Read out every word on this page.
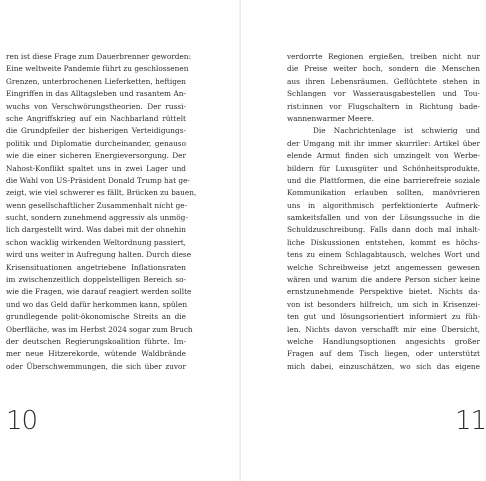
ren ist diese Frage zum Dauerbrenner geworden:
Eine weltweite Pandemie führt zu geschlossenen
Grenzen, unterbrochenen Lieferketten, heftigen
Eingriffen in das Alltagsleben und rasantem An-
wuchs von Verschwörungstheorien. Der russi-
sche Angriffskrieg auf ein Nachbarland rüttelt
die Grundpfeiler der bisherigen Verteidigungs-
politik und Diplomatie durcheinander, genauso
wie die einer sicheren Energieversorgung. Der
Nahost-Konflikt spaltet uns in zwei Lager und
die Wahl von US-Präsident Donald Trump hat ge-
zeigt, wie viel schwerer es fällt, Brücken zu bauen,
wenn gesellschaftlicher Zusammenhalt nicht ge-
sucht, sondern zunehmend aggressiv als unmög-
lich dargestellt wird. Was dabei mit der ohnehin
schon wacklig wirkenden Weltordnung passiert,
wird uns weiter in Aufregung halten. Durch diese
Krisensituationen angetriebene Inflationsraten
im zwischenzeitlich doppelstelligen Bereich so-
wie die Fragen, wie darauf reagiert werden sollte
und wo das Geld dafür herkommen kann, spülen
grundlegende polit-ökonomische Streits an die
Oberfläche, was im Herbst 2024 sogar zum Bruch
der deutschen Regierungskoalition führte. Im-
mer neue Hitzerekorde, wütende Waldbrände
oder Überschwemmungen, die sich über zuvor
10
verdorrte Regionen ergießen, treiben nicht nur
die Preise weiter hoch, sondern die Menschen
aus ihren Lebensräumen. Geflüchtete stehen in
Schlangen vor Wasserausgabestellen und Tou-
rist:innen vor Flugschaltern in Richtung bade-
wannenwarmer Meere.
Die Nachrichtenlage ist schwierig und
der Umgang mit ihr immer skurriler: Artikel über
elende Armut finden sich umzingelt von Werbe-
bildern für Luxusgüter und Schönheitsprodukte,
und die Plattformen, die eine barrierefreie soziale
Kommunikation erlauben sollten, manövrieren
uns in algorithmisch perfektionierte Aufmerk-
samkeitsfallen und von der Lösungssuche in die
Schuldzuschreibung. Falls dann doch mal inhalt-
liche Diskussionen entstehen, kommt es höchs-
tens zu einem Schlagabtausch, welches Wort und
welche Schreibweise jetzt angemessen gewesen
wären und warum die andere Person sicher keine
ernstzunehmende Perspektive bietet. Nichts da-
von ist besonders hilfreich, um sich in Krisenzei-
ten gut und lösungsorientiert informiert zu füh-
len. Nichts davon verschafft mir eine Übersicht,
welche Handlungsoptionen angesichts großer
Fragen auf dem Tisch liegen, oder unterstützt
mich dabei, einzuschätzen, wo sich das eigene
11
